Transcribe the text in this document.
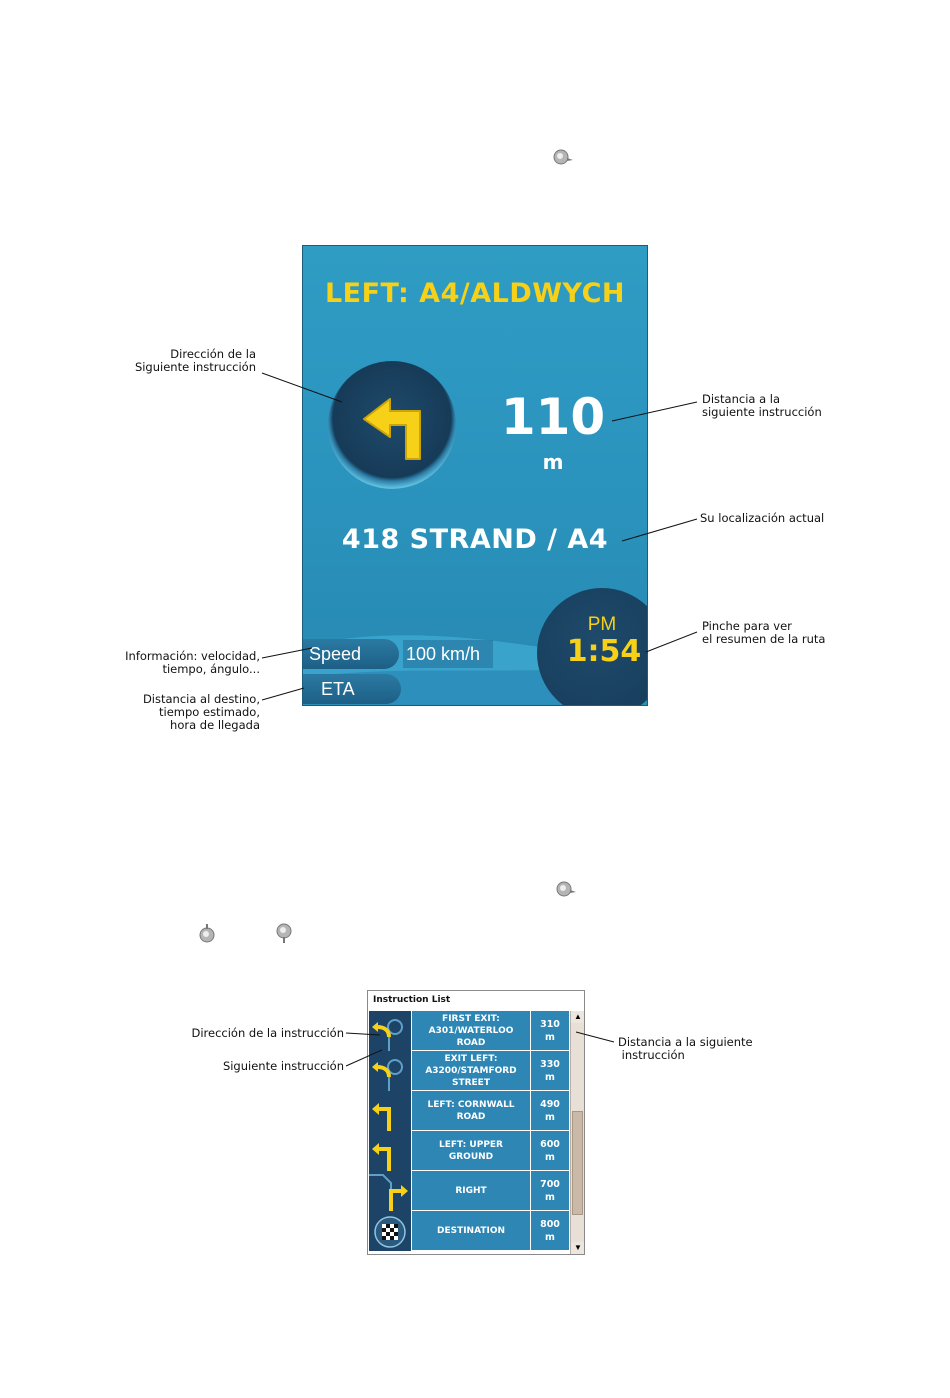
LEFT: A4/ALDWYCH
110
m
418 STRAND / A4
Speed	100 km/h
ETA
PM
1:54
Dirección de la
Siguiente instrucción
Distancia a la
siguiente instrucción
Su localización actual
Pinche para ver
el resumen de la ruta
Información: velocidad,
tiempo, ángulo...
Distancia al destino,
tiempo estimado,
hora de llegada
Instruction List
FIRST EXIT:
A301/WATERLOO
ROAD
310
m
EXIT LEFT:
A3200/STAMFORD
STREET
330
m
LEFT: CORNWALL
ROAD
490
m
LEFT: UPPER
GROUND
600
m
RIGHT
700
m
DESTINATION
800
m
▲
▼
Dirección de la instrucción
Siguiente instrucción
Distancia a la siguiente
instrucción
